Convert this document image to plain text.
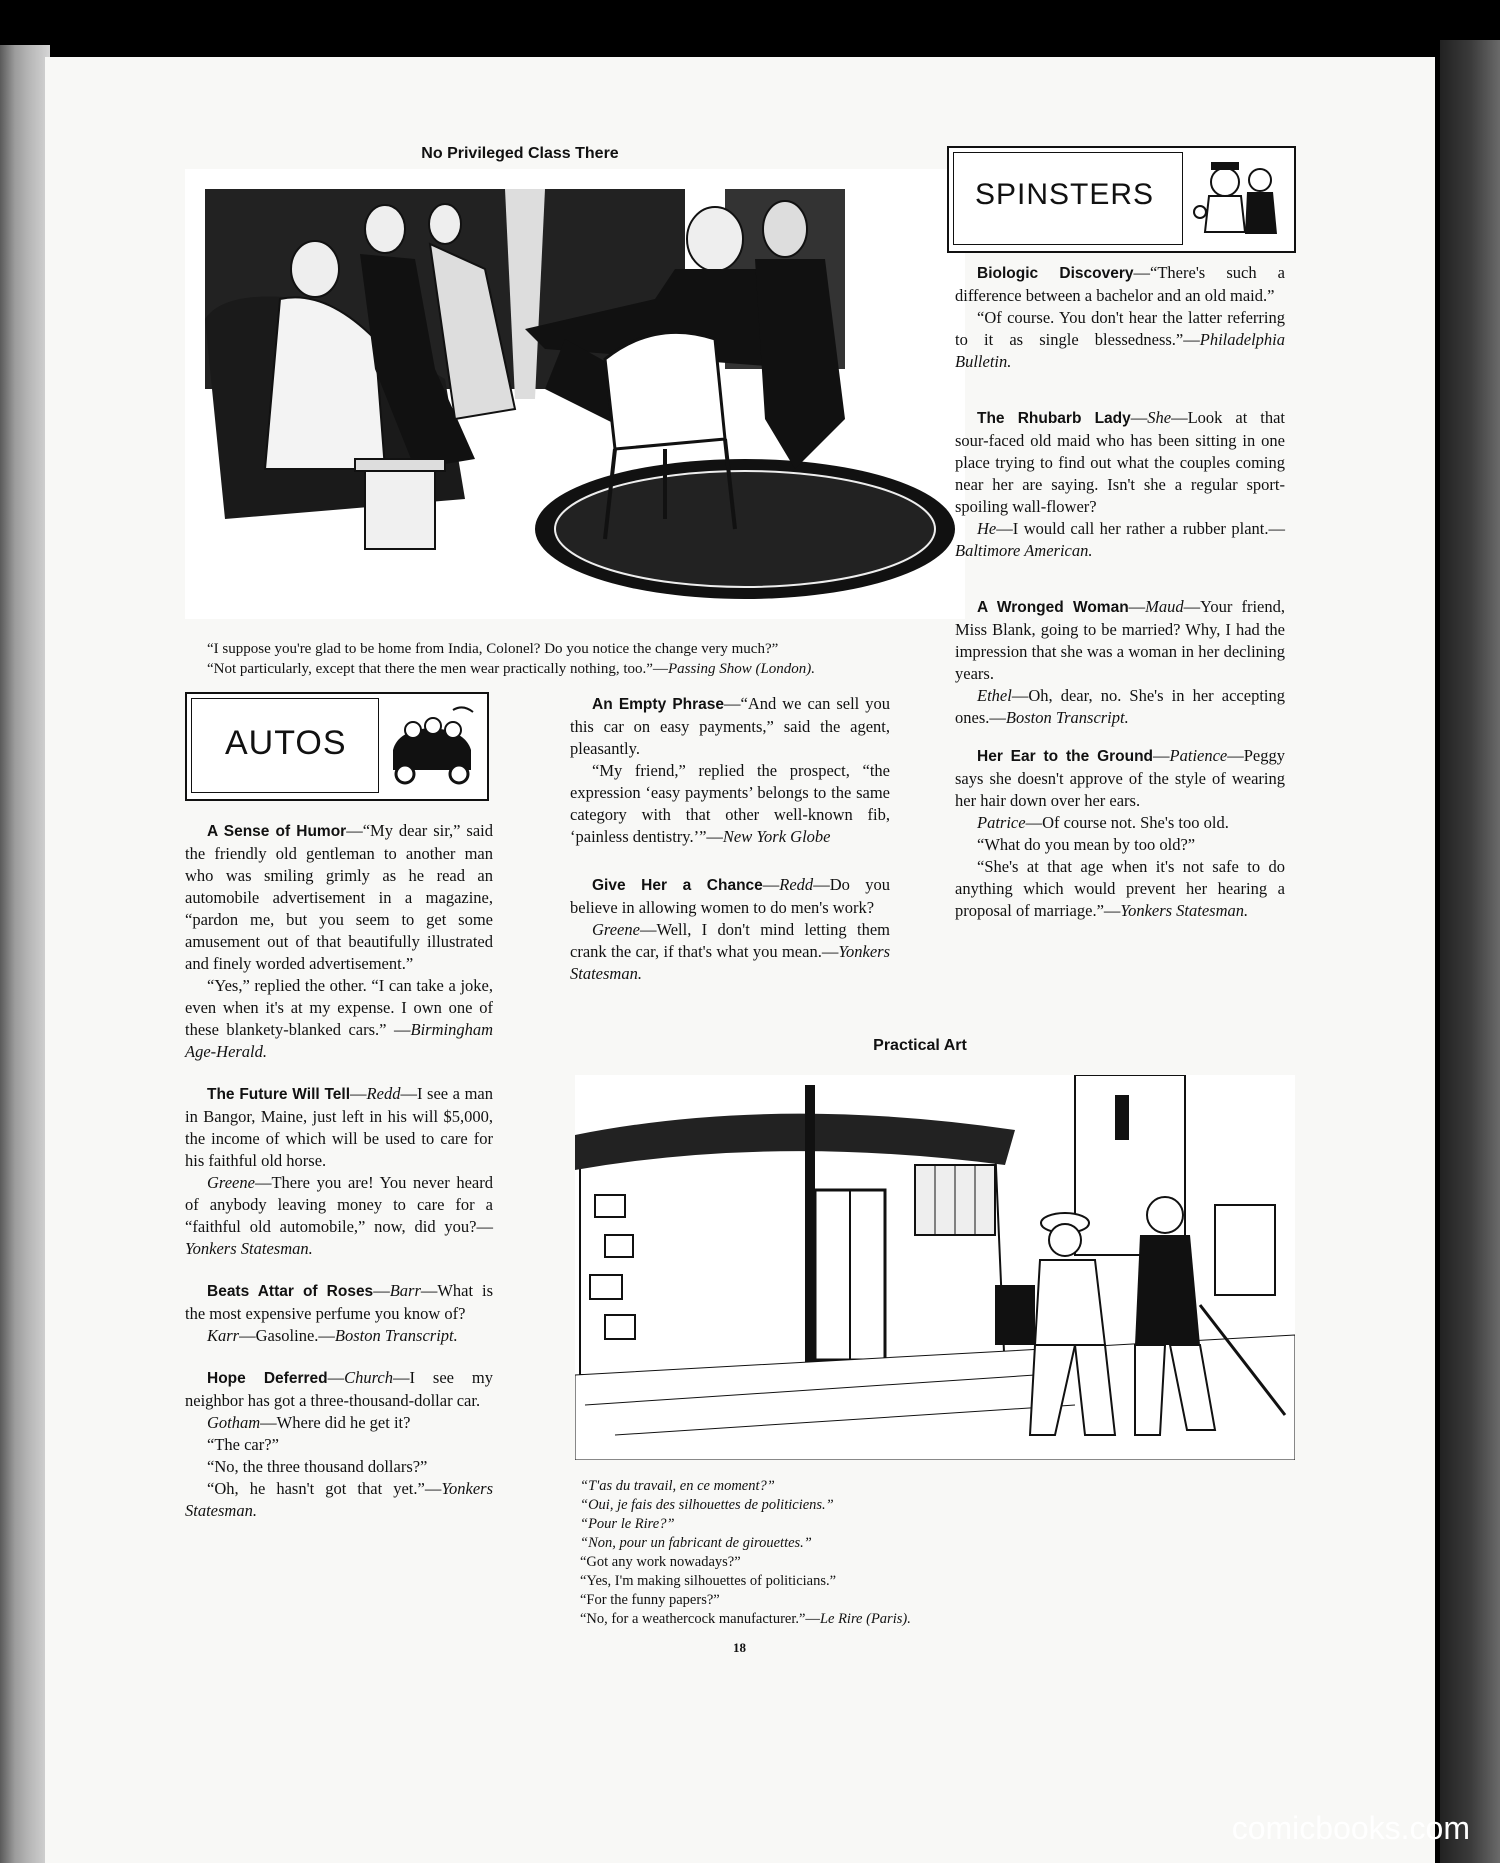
No Privileged Class There

“I suppose you're glad to be home from India, Colonel? Do you notice the change very much?”

“Not particularly, except that there the men wear practically nothing, too.”—Passing Show (London).

SPINSTERS

Biologic Discovery—“There's such a difference between a bachelor and an old maid.”

“Of course. You don't hear the latter referring to it as single blessedness.”—Philadelphia Bulletin.

The Rhubarb Lady—She—Look at that sour-faced old maid who has been sitting in one place trying to find out what the couples coming near her are saying. Isn't she a regular sport-spoiling wall-flower?

He—I would call her rather a rubber plant.—Baltimore American.

A Wronged Woman—Maud—Your friend, Miss Blank, going to be married? Why, I had the impression that she was a woman in her declining years.

Ethel—Oh, dear, no. She's in her accepting ones.—Boston Transcript.

Her Ear to the Ground—Patience—Peggy says she doesn't approve of the style of wearing her hair down over her ears.

Patrice—Of course not. She's too old.

“What do you mean by too old?”

“She's at that age when it's not safe to do anything which would prevent her hearing a proposal of marriage.”—Yonkers Statesman.

AUTOS

A Sense of Humor—“My dear sir,” said the friendly old gentleman to another man who was smiling grimly as he read an automobile advertisement in a magazine, “pardon me, but you seem to get some amusement out of that beautifully illustrated and finely worded advertisement.”

“Yes,” replied the other. “I can take a joke, even when it's at my expense. I own one of these blankety-blanked cars.” —Birmingham Age-Herald.

The Future Will Tell—Redd—I see a man in Bangor, Maine, just left in his will $5,000, the income of which will be used to care for his faithful old horse.

Greene—There you are! You never heard of anybody leaving money to care for a “faithful old automobile,” now, did you?—Yonkers Statesman.

Beats Attar of Roses—Barr—What is the most expensive perfume you know of?

Karr—Gasoline.—Boston Transcript.

Hope Deferred—Church—I see my neighbor has got a three-thousand-dollar car.

Gotham—Where did he get it?

“The car?”

“No, the three thousand dollars?”

“Oh, he hasn't got that yet.”—Yonkers Statesman.

An Empty Phrase—“And we can sell you this car on easy payments,” said the agent, pleasantly.

“My friend,” replied the prospect, “the expression ‘easy payments’ belongs to the same category with that other well-known fib, ‘painless dentistry.’”—New York Globe

Give Her a Chance—Redd—Do you believe in allowing women to do men's work?

Greene—Well, I don't mind letting them crank the car, if that's what you mean.—Yonkers Statesman.

Practical Art

“T'as du travail, en ce moment?”

“Oui, je fais des silhouettes de politiciens.”

“Pour le Rire?”

“Non, pour un fabricant de girouettes.”

“Got any work nowadays?”

“Yes, I'm making silhouettes of politicians.”

“For the funny papers?”

“No, for a weathercock manufacturer.”—Le Rire (Paris).

18
comicbooks.com
